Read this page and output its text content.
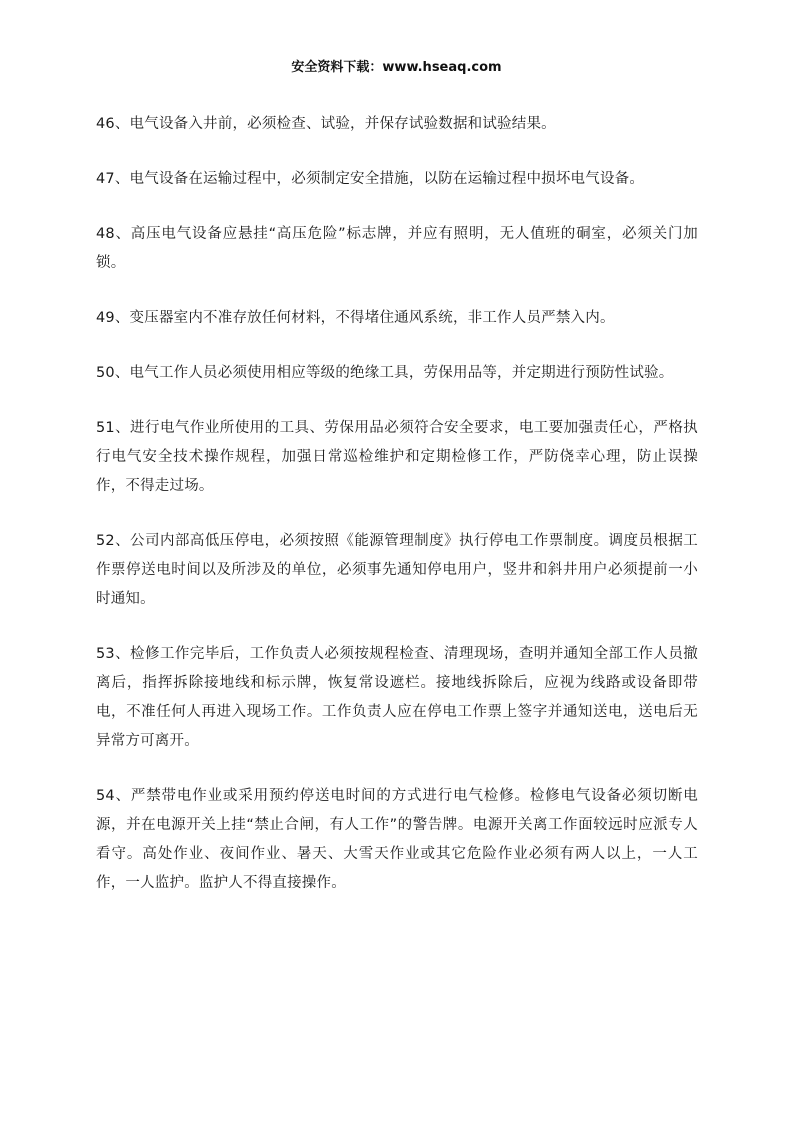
安全资料下载：www.hseaq.com

46、电气设备入井前，必须检查、试验，并保存试验数据和试验结果。

47、电气设备在运输过程中，必须制定安全措施，以防在运输过程中损坏电气设备。

48、高压电气设备应悬挂“高压危险”标志牌，并应有照明，无人值班的硐室，必须关门加锁。

49、变压器室内不准存放任何材料，不得堵住通风系统，非工作人员严禁入内。

50、电气工作人员必须使用相应等级的绝缘工具，劳保用品等，并定期进行预防性试验。

51、进行电气作业所使用的工具、劳保用品必须符合安全要求，电工要加强责任心，严格执行电气安全技术操作规程，加强日常巡检维护和定期检修工作，严防侥幸心理，防止误操作，不得走过场。

52、公司内部高低压停电，必须按照《能源管理制度》执行停电工作票制度。调度员根据工作票停送电时间以及所涉及的单位，必须事先通知停电用户，竖井和斜井用户必须提前一小时通知。

53、检修工作完毕后，工作负责人必须按规程检查、清理现场，查明并通知全部工作人员撤离后，指挥拆除接地线和标示牌，恢复常设遮栏。接地线拆除后，应视为线路或设备即带电，不准任何人再进入现场工作。工作负责人应在停电工作票上签字并通知送电，送电后无异常方可离开。

54、严禁带电作业或采用预约停送电时间的方式进行电气检修。检修电气设备必须切断电源，并在电源开关上挂“禁止合闸，有人工作”的警告牌。电源开关离工作面较远时应派专人看守。高处作业、夜间作业、暑天、大雪天作业或其它危险作业必须有两人以上，一人工作，一人监护。监护人不得直接操作。
